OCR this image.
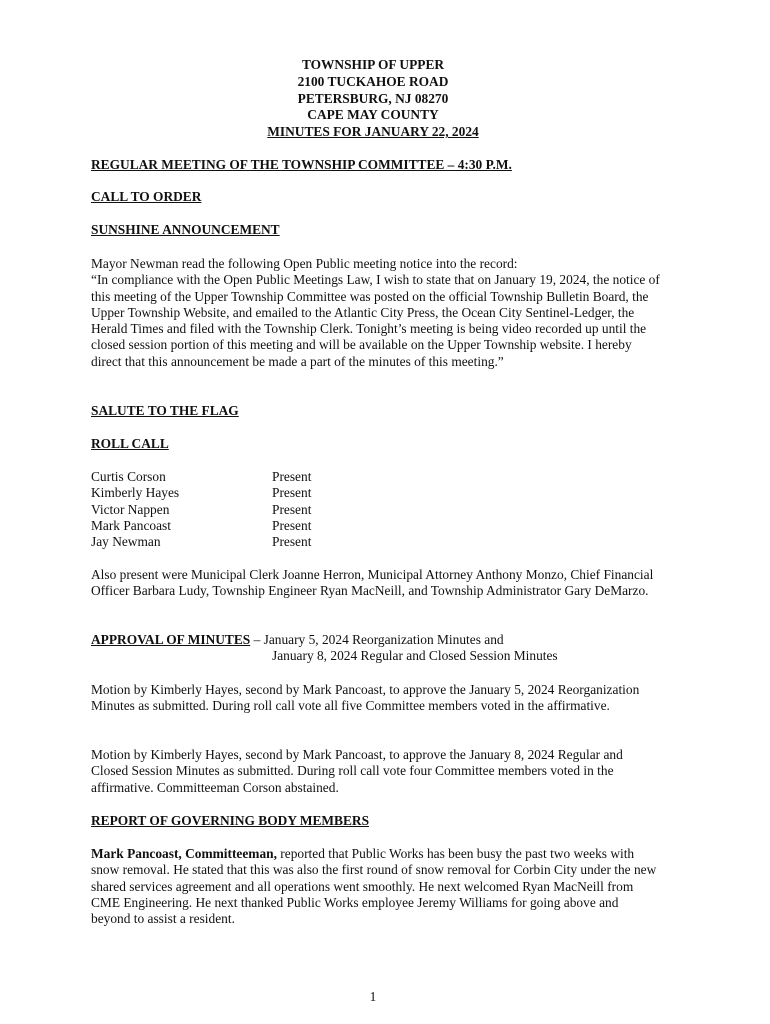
TOWNSHIP OF UPPER
2100 TUCKAHOE ROAD
PETERSBURG, NJ 08270
CAPE MAY COUNTY
MINUTES FOR JANUARY 22, 2024

REGULAR MEETING OF THE TOWNSHIP COMMITTEE – 4:30 P.M.

CALL TO ORDER

SUNSHINE ANNOUNCEMENT

Mayor Newman read the following Open Public meeting notice into the record:

“In compliance with the Open Public Meetings Law, I wish to state that on January 19, 2024, the notice of this meeting of the Upper Township Committee was posted on the official Township Bulletin Board, the Upper Township Website, and emailed to the Atlantic City Press, the Ocean City Sentinel-Ledger, the Herald Times and filed with the Township Clerk. Tonight’s meeting is being video recorded up until the closed session portion of this meeting and will be available on the Upper Township website. I hereby direct that this announcement be made a part of the minutes of this meeting.”

SALUTE TO THE FLAG

ROLL CALL

Curtis Corson	Present
Kimberly Hayes	Present
Victor Nappen	Present
Mark Pancoast	Present
Jay Newman	Present

Also present were Municipal Clerk Joanne Herron, Municipal Attorney Anthony Monzo, Chief Financial Officer Barbara Ludy, Township Engineer Ryan MacNeill, and Township Administrator Gary DeMarzo.

APPROVAL OF MINUTES – January 5, 2024 Reorganization Minutes and

January 8, 2024 Regular and Closed Session Minutes

Motion by Kimberly Hayes, second by Mark Pancoast, to approve the January 5, 2024 Reorganization Minutes as submitted. During roll call vote all five Committee members voted in the affirmative.

Motion by Kimberly Hayes, second by Mark Pancoast, to approve the January 8, 2024 Regular and Closed Session Minutes as submitted. During roll call vote four Committee members voted in the affirmative. Committeeman Corson abstained.

REPORT OF GOVERNING BODY MEMBERS

Mark Pancoast, Committeeman, reported that Public Works has been busy the past two weeks with snow removal. He stated that this was also the first round of snow removal for Corbin City under the new shared services agreement and all operations went smoothly. He next welcomed Ryan MacNeill from CME Engineering. He next thanked Public Works employee Jeremy Williams for going above and beyond to assist a resident.

1
